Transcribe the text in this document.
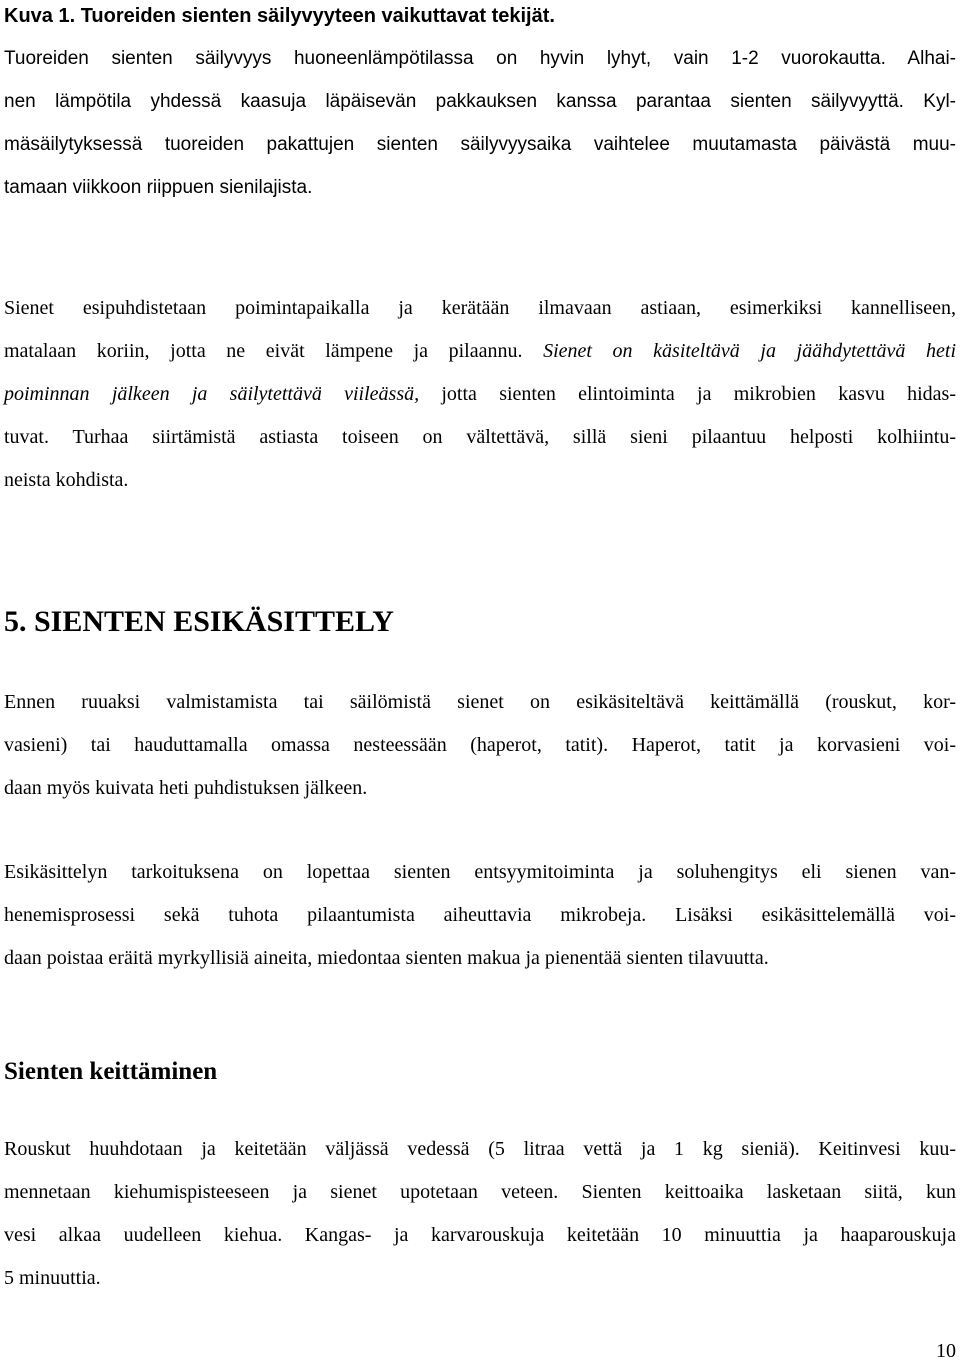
Kuva 1. Tuoreiden sienten säilyvyyteen vaikuttavat tekijät.
Tuoreiden sienten säilyvyys huoneenlämpötilassa on hyvin lyhyt, vain 1-2 vuorokautta. Alhai-
nen lämpötila yhdessä kaasuja läpäisevän pakkauksen kanssa parantaa sienten säilyvyyttä. Kyl-
mäsäilytyksessä tuoreiden pakattujen sienten säilyvyysaika vaihtelee muutamasta päivästä muu-
tamaan viikkoon riippuen sienilajista.
Sienet esipuhdistetaan poimintapaikalla ja kerätään ilmavaan astiaan, esimerkiksi kannelliseen,
matalaan koriin, jotta ne eivät lämpene ja pilaannu. Sienet on käsiteltävä ja jäähdytettävä heti
poiminnan jälkeen ja säilytettävä viileässä, jotta sienten elintoiminta ja mikrobien kasvu hidas-
tuvat. Turhaa siirtämistä astiasta toiseen on vältettävä, sillä sieni pilaantuu helposti kolhiintu-
neista kohdista.
5. SIENTEN ESIKÄSITTELY
Ennen ruuaksi valmistamista tai säilömistä sienet on esikäsiteltävä keittämällä (rouskut, kor-
vasieni) tai hauduttamalla omassa nesteessään (haperot, tatit). Haperot, tatit ja korvasieni voi-
daan myös kuivata heti puhdistuksen jälkeen.
Esikäsittelyn tarkoituksena on lopettaa sienten entsyymitoiminta ja soluhengitys eli sienen van-
henemisprosessi sekä tuhota pilaantumista aiheuttavia mikrobeja. Lisäksi esikäsittelemällä voi-
daan poistaa eräitä myrkyllisiä aineita, miedontaa sienten makua ja pienentää sienten tilavuutta.
Sienten keittäminen
Rouskut huuhdotaan ja keitetään väljässä vedessä (5 litraa vettä ja 1 kg sieniä). Keitinvesi kuu-
mennetaan kiehumispisteeseen ja sienet upotetaan veteen. Sienten keittoaika lasketaan siitä, kun
vesi alkaa uudelleen kiehua. Kangas- ja karvarouskuja keitetään 10 minuuttia ja haaparouskuja
5 minuuttia.
10
